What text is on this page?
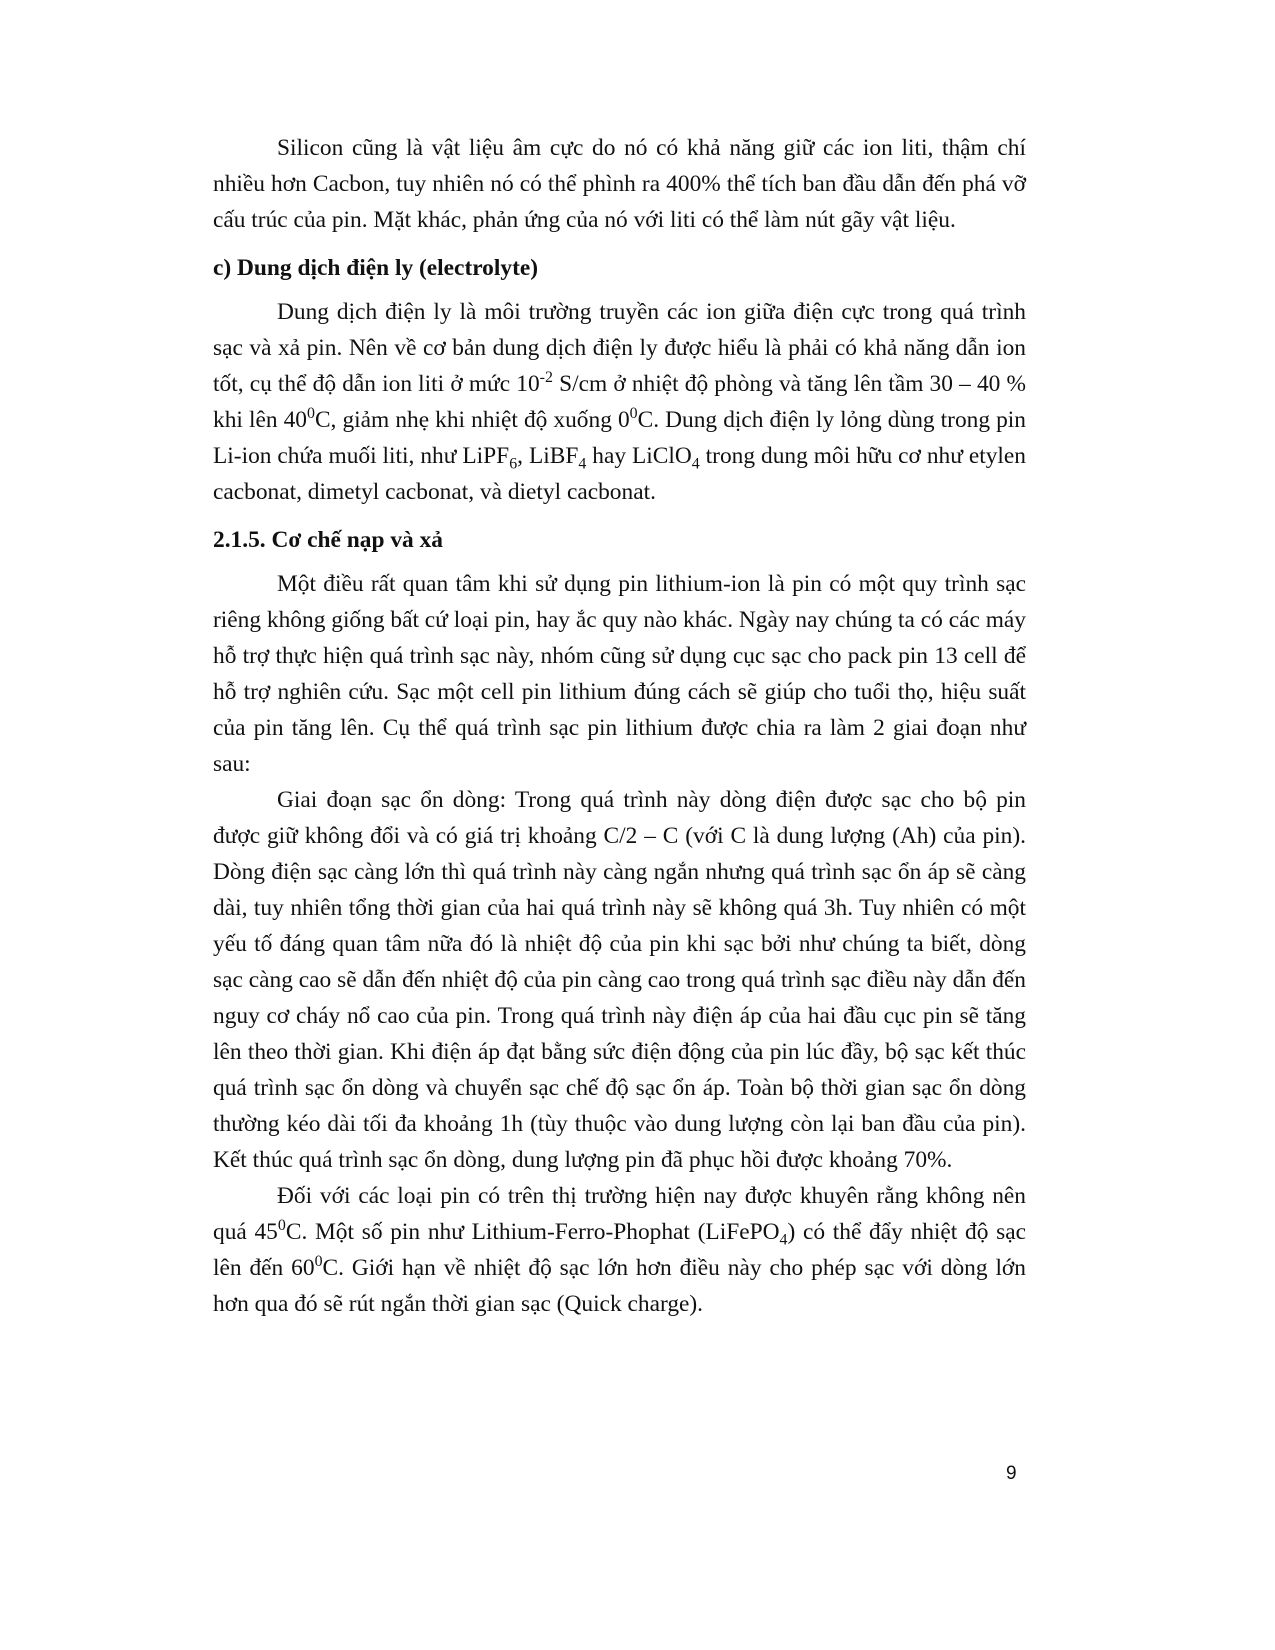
Silicon cũng là vật liệu âm cực do nó có khả năng giữ các ion liti, thậm chí nhiều hơn Cacbon, tuy nhiên nó có thể phình ra 400% thể tích ban đầu dẫn đến phá vỡ cấu trúc của pin. Mặt khác, phản ứng của nó với liti có thể làm nút gãy vật liệu.

c) Dung dịch điện ly (electrolyte)

Dung dịch điện ly là môi trường truyền các ion giữa điện cực trong quá trình sạc và xả pin. Nên về cơ bản dung dịch điện ly được hiểu là phải có khả năng dẫn ion tốt, cụ thể độ dẫn ion liti ở mức $10^{-2}$ S/cm ở nhiệt độ phòng và tăng lên tầm 30 – 40 % khi lên $40^0C$, giảm nhẹ khi nhiệt độ xuống $0^0C$. Dung dịch điện ly lỏng dùng trong pin Li-ion chứa muối liti, như LiPF$_6$, LiBF$_4$ hay LiClO$_4$ trong dung môi hữu cơ như etylen cacbonat, dimetyl cacbonat, và dietyl cacbonat.

2.1.5. Cơ chế nạp và xả

Một điều rất quan tâm khi sử dụng pin lithium-ion là pin có một quy trình sạc riêng không giống bất cứ loại pin, hay ắc quy nào khác. Ngày nay chúng ta có các máy hỗ trợ thực hiện quá trình sạc này, nhóm cũng sử dụng cục sạc cho pack pin 13 cell để hỗ trợ nghiên cứu. Sạc một cell pin lithium đúng cách sẽ giúp cho tuổi thọ, hiệu suất của pin tăng lên. Cụ thể quá trình sạc pin lithium được chia ra làm 2 giai đoạn như sau:

Giai đoạn sạc ổn dòng: Trong quá trình này dòng điện được sạc cho bộ pin được giữ không đổi và có giá trị khoảng C/2 – C (với C là dung lượng (Ah) của pin). Dòng điện sạc càng lớn thì quá trình này càng ngắn nhưng quá trình sạc ổn áp sẽ càng dài, tuy nhiên tổng thời gian của hai quá trình này sẽ không quá 3h. Tuy nhiên có một yếu tố đáng quan tâm nữa đó là nhiệt độ của pin khi sạc bởi như chúng ta biết, dòng sạc càng cao sẽ dẫn đến nhiệt độ của pin càng cao trong quá trình sạc điều này dẫn đến nguy cơ cháy nổ cao của pin. Trong quá trình này điện áp của hai đầu cục pin sẽ tăng lên theo thời gian. Khi điện áp đạt bằng sức điện động của pin lúc đầy, bộ sạc kết thúc quá trình sạc ổn dòng và chuyển sạc chế độ sạc ổn áp. Toàn bộ thời gian sạc ổn dòng thường kéo dài tối đa khoảng 1h (tùy thuộc vào dung lượng còn lại ban đầu của pin). Kết thúc quá trình sạc ổn dòng, dung lượng pin đã phục hồi được khoảng 70%.

Đối với các loại pin có trên thị trường hiện nay được khuyên rằng không nên quá $45^0C$. Một số pin như Lithium-Ferro-Phophat (LiFePO$_4$) có thể đẩy nhiệt độ sạc lên đến $60^0C$. Giới hạn về nhiệt độ sạc lớn hơn điều này cho phép sạc với dòng lớn hơn qua đó sẽ rút ngắn thời gian sạc (Quick charge).

9
